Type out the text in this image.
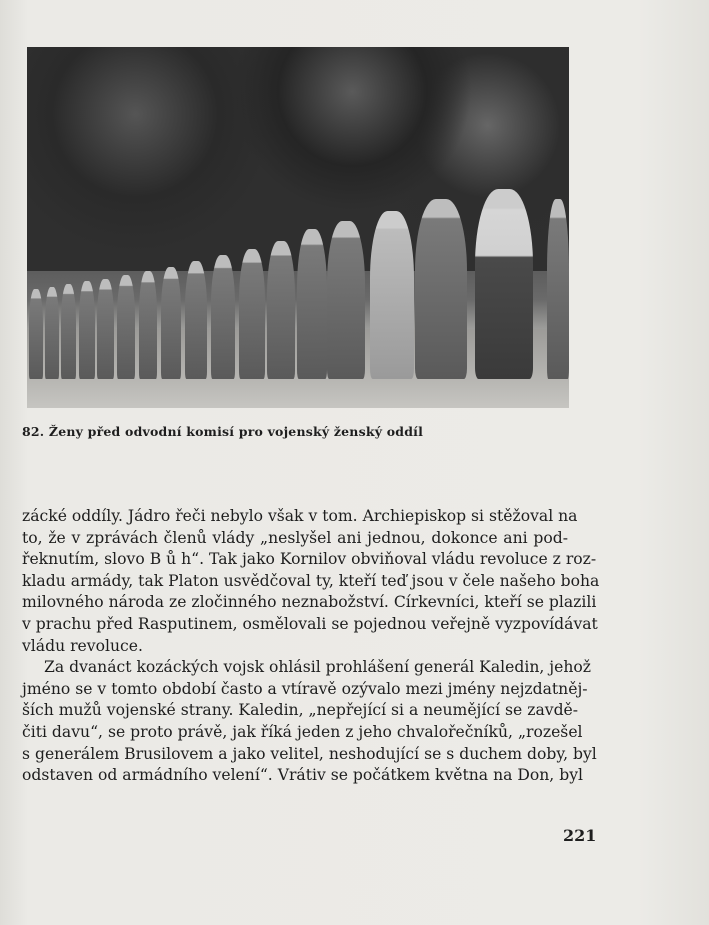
82. Ženy před odvodní komisí pro vojenský ženský oddíl
zácké oddíly. Jádro řeči nebylo však v tom. Archiepiskop si stěžoval na
to, že v zprávách členů vlády „neslyšel ani jednou, dokonce ani pod-
řeknutím, slovo B ů h“. Tak jako Kornilov obviňoval vládu revoluce z roz-
kladu armády, tak Platon usvědčoval ty, kteří teď jsou v čele našeho boha
milovného národa ze zločinného neznabožství. Církevníci, kteří se plazili
v prachu před Rasputinem, osmělovali se pojednou veřejně vyzpovídávat
vládu revoluce.
Za dvanáct kozáckých vojsk ohlásil prohlášení generál Kaledin, jehož
jméno se v tomto období často a vtíravě ozývalo mezi jmény nejzdatněj-
ších mužů vojenské strany. Kaledin, „nepřející si a neumějící se zavdě-
čiti davu“, se proto právě, jak říká jeden z jeho chvalořečníků, „rozešel
s generálem Brusilovem a jako velitel, neshodující se s duchem doby, byl
odstaven od armádního velení“. Vrátiv se počátkem května na Don, byl
221
